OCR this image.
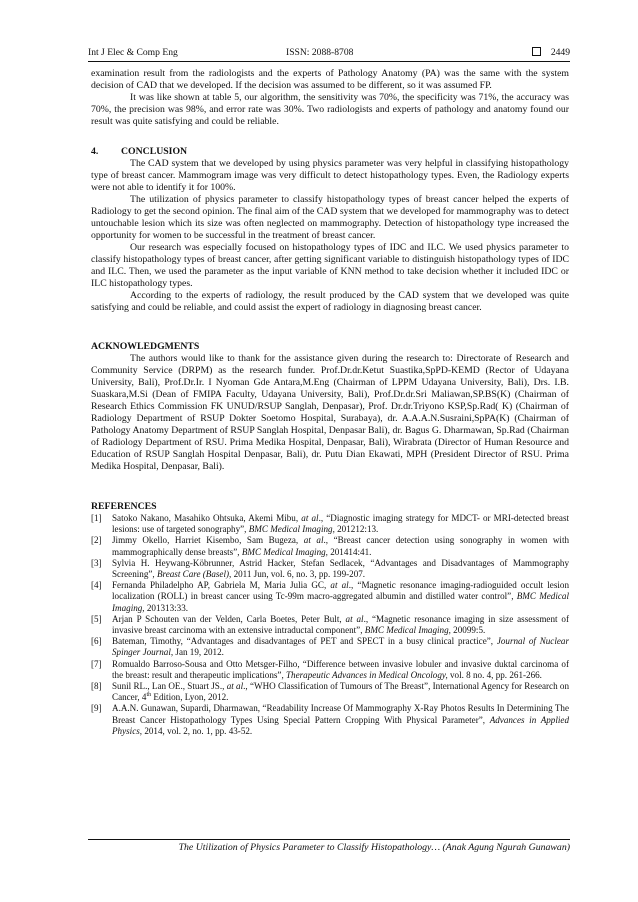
Int J Elec & Comp Eng	ISSN: 2088-8708	2449

examination result from the radiologists and the experts of Pathology Anatomy (PA) was the same with the system decision of CAD that we developed. If the decision was assumed to be different, so it was assumed FP.

It was like shown at table 5, our algorithm, the sensitivity was 70%, the specificity was 71%, the accuracy was 70%, the precision was 98%, and error rate was 30%. Two radiologists and experts of pathology and anatomy found our result was quite satisfying and could be reliable.

4. CONCLUSION

The CAD system that we developed by using physics parameter was very helpful in classifying histopathology type of breast cancer. Mammogram image was very difficult to detect histopathology types. Even, the Radiology experts were not able to identify it for 100%.

The utilization of physics parameter to classify histopathology types of breast cancer helped the experts of Radiology to get the second opinion. The final aim of the CAD system that we developed for mammography was to detect untouchable lesion which its size was often neglected on mammography. Detection of histopathology type increased the opportunity for women to be successful in the treatment of breast cancer.

Our research was especially focused on histopathology types of IDC and ILC. We used physics parameter to classify histopathology types of breast cancer, after getting significant variable to distinguish histopathology types of IDC and ILC. Then, we used the parameter as the input variable of KNN method to take decision whether it included IDC or ILC histopathology types.

According to the experts of radiology, the result produced by the CAD system that we developed was quite satisfying and could be reliable, and could assist the expert of radiology in diagnosing breast cancer.

ACKNOWLEDGMENTS

The authors would like to thank for the assistance given during the research to: Directorate of Research and Community Service (DRPM) as the research funder. Prof.Dr.dr.Ketut Suastika,SpPD-KEMD (Rector of Udayana University, Bali), Prof.Dr.Ir. I Nyoman Gde Antara,M.Eng (Chairman of LPPM Udayana University, Bali), Drs. I.B. Suaskara,M.Si (Dean of FMIPA Faculty, Udayana University, Bali), Prof.Dr.dr.Sri Maliawan,SP.BS(K) (Chairman of Research Ethics Commission FK UNUD/RSUP Sanglah, Denpasar), Prof. Dr.dr.Triyono KSP,Sp.Rad( K) (Chairman of Radiology Department of RSUP Dokter Soetomo Hospital, Surabaya), dr. A.A.A.N.Susraini,SpPA(K) (Chairman of Pathology Anatomy Department of RSUP Sanglah Hospital, Denpasar Bali), dr. Bagus G. Dharmawan, Sp.Rad (Chairman of Radiology Department of RSU. Prima Medika Hospital, Denpasar, Bali), Wirabrata (Director of Human Resource and Education of RSUP Sanglah Hospital Denpasar, Bali), dr. Putu Dian Ekawati, MPH (President Director of RSU. Prima Medika Hospital, Denpasar, Bali).

REFERENCES

[1] Satoko Nakano, Masahiko Ohtsuka, Akemi Mibu, at al., “Diagnostic imaging strategy for MDCT- or MRI-detected breast lesions: use of targeted sonography”, BMC Medical Imaging, 201212:13.
[2] Jimmy Okello, Harriet Kisembo, Sam Bugeza, at al., “Breast cancer detection using sonography in women with mammographically dense breasts”, BMC Medical Imaging, 201414:41.
[3] Sylvia H. Heywang-Köbrunner, Astrid Hacker, Stefan Sedlacek, “Advantages and Disadvantages of Mammography Screening”, Breast Care (Basel), 2011 Jun, vol. 6, no. 3, pp. 199-207.
[4] Fernanda Philadelpho AP, Gabriela M, Maria Julia GC, at al., “Magnetic resonance imaging-radioguided occult lesion localization (ROLL) in breast cancer using Tc-99m macro-aggregated albumin and distilled water control”, BMC Medical Imaging, 201313:33.
[5] Arjan P Schouten van der Velden, Carla Boetes, Peter Bult, at al., “Magnetic resonance imaging in size assessment of invasive breast carcinoma with an extensive intraductal component”, BMC Medical Imaging, 20099:5.
[6] Bateman, Timothy, “Advantages and disadvantages of PET and SPECT in a busy clinical practice”, Journal of Nuclear Spinger Journal, Jan 19, 2012.
[7] Romualdo Barroso-Sousa and Otto Metsger-Filho, “Difference between invasive lobuler and invasive duktal carcinoma of the breast: result and therapeutic implications”, Therapeutic Advances in Medical Oncology, vol. 8 no. 4, pp. 261-266.
[8] Sunil RL., Lan OE., Stuart JS., at al., “WHO Classification of Tumours of The Breast”, International Agency for Research on Cancer, 4th Edition, Lyon, 2012.
[9] A.A.N. Gunawan, Supardi, Dharmawan, “Readability Increase Of Mammography X-Ray Photos Results In Determining The Breast Cancer Histopathology Types Using Special Pattern Cropping With Physical Parameter”, Advances in Applied Physics, 2014, vol. 2, no. 1, pp. 43-52.
The Utilization of Physics Parameter to Classify Histopathology… (Anak Agung Ngurah Gunawan)
